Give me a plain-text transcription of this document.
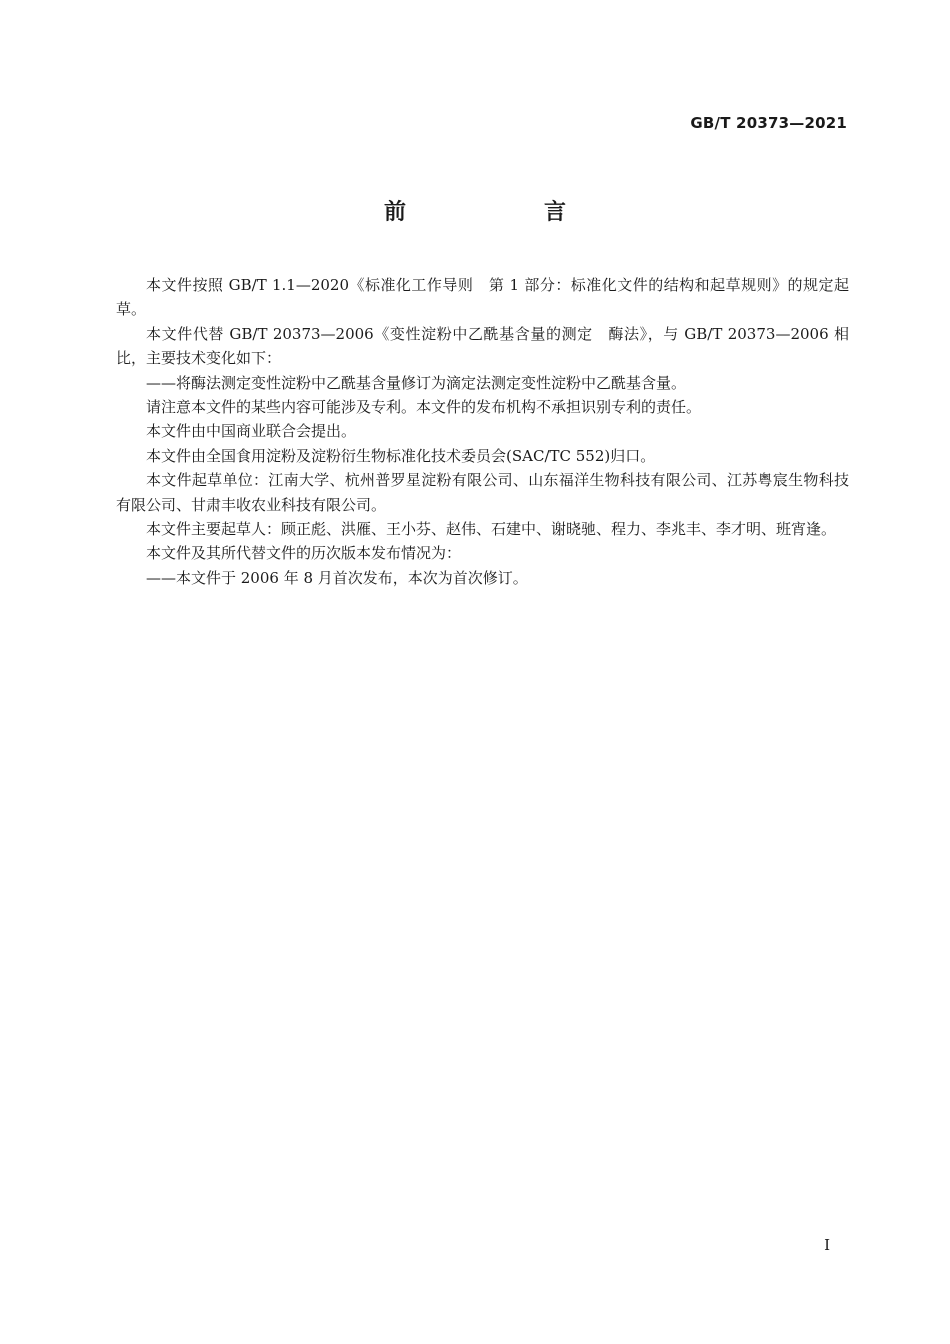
GB/T 20373—2021
前　言

本文件按照 GB/T 1.1—2020《标准化工作导则　第 1 部分：标准化文件的结构和起草规则》的规定起草。

本文件代替 GB/T 20373—2006《变性淀粉中乙酰基含量的测定　酶法》，与 GB/T 20373—2006 相比，主要技术变化如下：

——将酶法测定变性淀粉中乙酰基含量修订为滴定法测定变性淀粉中乙酰基含量。

请注意本文件的某些内容可能涉及专利。本文件的发布机构不承担识别专利的责任。

本文件由中国商业联合会提出。

本文件由全国食用淀粉及淀粉衍生物标准化技术委员会(SAC/TC 552)归口。

本文件起草单位：江南大学、杭州普罗星淀粉有限公司、山东福洋生物科技有限公司、江苏粤宸生物科技有限公司、甘肃丰收农业科技有限公司。

本文件主要起草人：顾正彪、洪雁、王小芬、赵伟、石建中、谢晓驰、程力、李兆丰、李才明、班宵逢。

本文件及其所代替文件的历次版本发布情况为：

——本文件于 2006 年 8 月首次发布，本次为首次修订。

I
